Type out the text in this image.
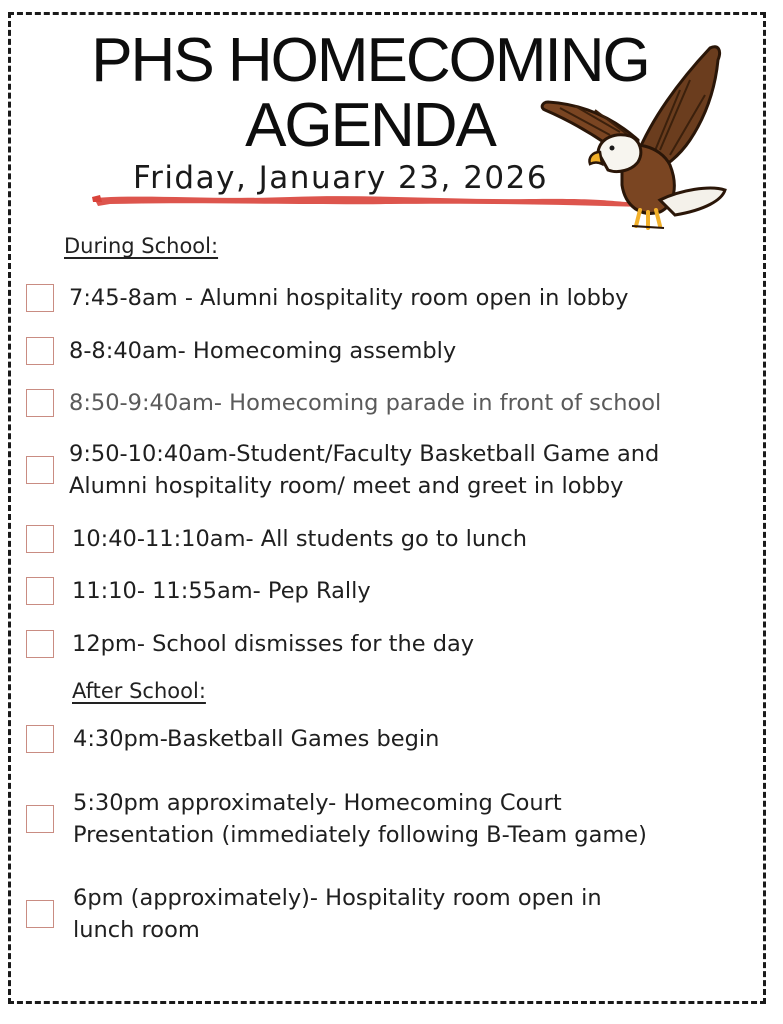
PHS HOMECOMING
AGENDA
Friday, January 23, 2026
During School:
7:45-8am - Alumni hospitality room open in lobby
8-8:40am- Homecoming assembly
8:50-9:40am- Homecoming parade in front of school
9:50-10:40am-Student/Faculty Basketball Game and
Alumni hospitality room/ meet and greet in lobby
10:40-11:10am- All students go to lunch
11:10- 11:55am- Pep Rally
12pm- School dismisses for the day
After School:
4:30pm-Basketball Games begin
5:30pm approximately- Homecoming Court
Presentation (immediately following B-Team game)
6pm (approximately)- Hospitality room open in
lunch room
